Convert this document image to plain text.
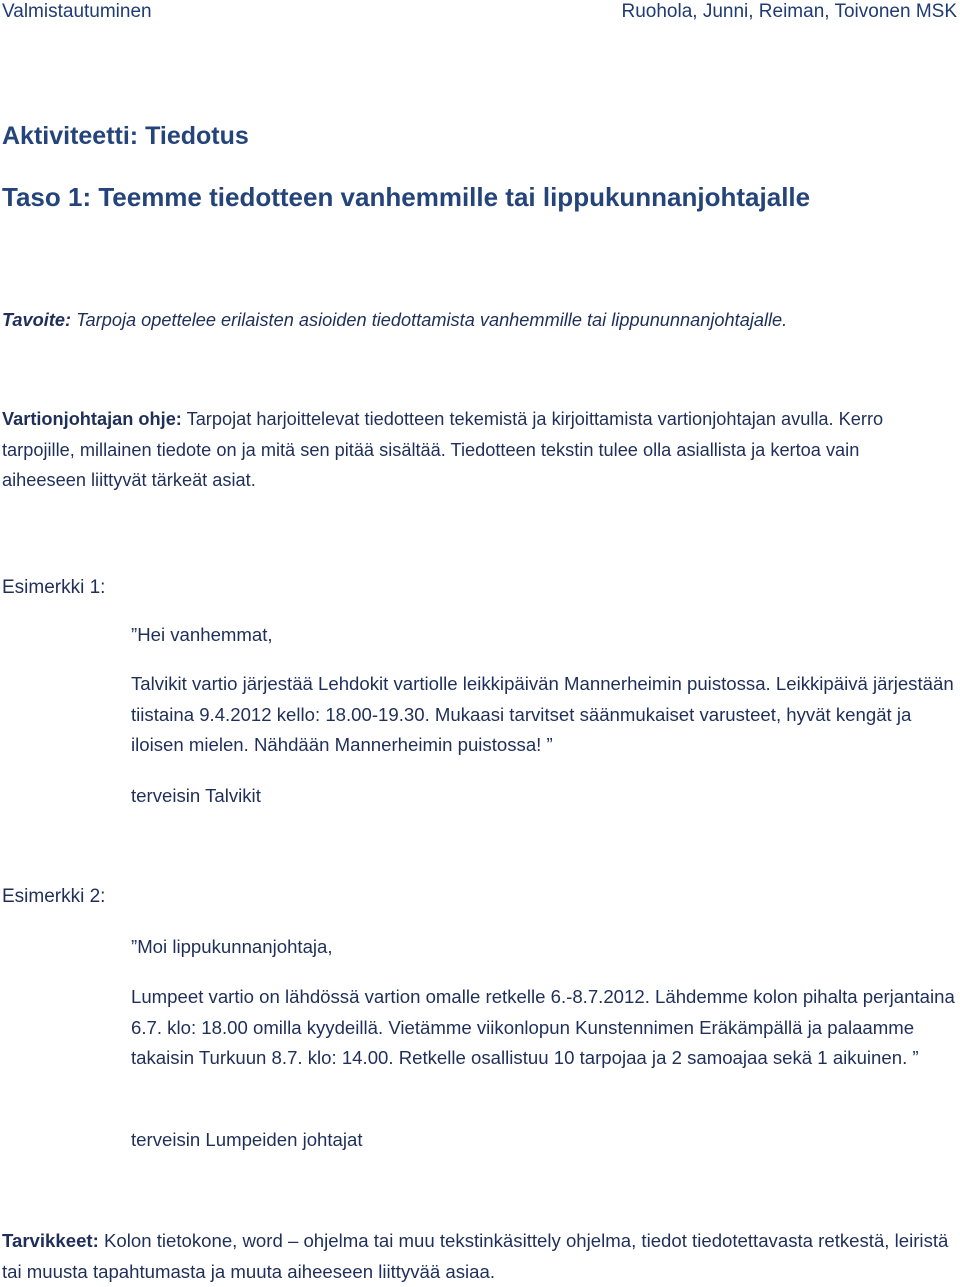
Valmistautuminen	Ruohola, Junni, Reiman, Toivonen MSK
Aktiviteetti: Tiedotus
Taso 1: Teemme tiedotteen vanhemmille tai lippukunnanjohtajalle
Tavoite: Tarpoja opettelee erilaisten asioiden tiedottamista vanhemmille tai lippununnanjohtajalle.
Vartionjohtajan ohje: Tarpojat harjoittelevat tiedotteen tekemistä ja kirjoittamista vartionjohtajan avulla. Kerro tarpojille, millainen tiedote on ja mitä sen pitää sisältää. Tiedotteen tekstin tulee olla asiallista ja kertoa vain aiheeseen liittyvät tärkeät asiat.
Esimerkki 1:
”Hei vanhemmat,
Talvikit vartio järjestää Lehdokit vartiolle leikkipäivän Mannerheimin puistossa. Leikkipäivä järjestään tiistaina 9.4.2012 kello: 18.00-19.30. Mukaasi tarvitset säänmukaiset varusteet, hyvät kengät ja iloisen mielen. Nähdään Mannerheimin puistossa! ”
terveisin Talvikit
Esimerkki 2:
”Moi lippukunnanjohtaja,
Lumpeet vartio on lähdössä vartion omalle retkelle 6.-8.7.2012. Lähdemme kolon pihalta perjantaina 6.7. klo: 18.00 omilla kyydeillä. Vietämme viikonlopun Kunstennimen Eräkämpällä ja palaamme takaisin Turkuun 8.7. klo: 14.00. Retkelle osallistuu 10 tarpojaa ja 2 samoajaa sekä 1 aikuinen. ”
terveisin Lumpeiden johtajat
Tarvikkeet: Kolon tietokone, word – ohjelma tai muu tekstinkäsittely ohjelma, tiedot tiedotettavasta retkestä, leiristä tai muusta tapahtumasta ja muuta aiheeseen liittyvää asiaa.
